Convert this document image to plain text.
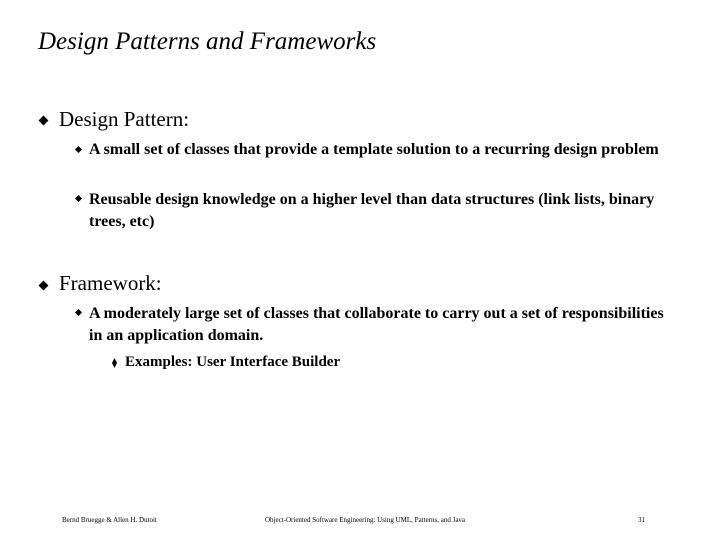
Design Patterns and Frameworks
Design Pattern:
A small set of classes that provide a template solution to a recurring design problem
Reusable design knowledge on a higher level than data structures (link lists, binary trees, etc)
Framework:
A moderately large set of classes that collaborate to carry out a set of responsibilities in an application domain.
Examples: User Interface Builder
Bernd Bruegge & Allen H. Dutoit	Object-Oriented Software Engineering: Using UML, Patterns, and Java	31
